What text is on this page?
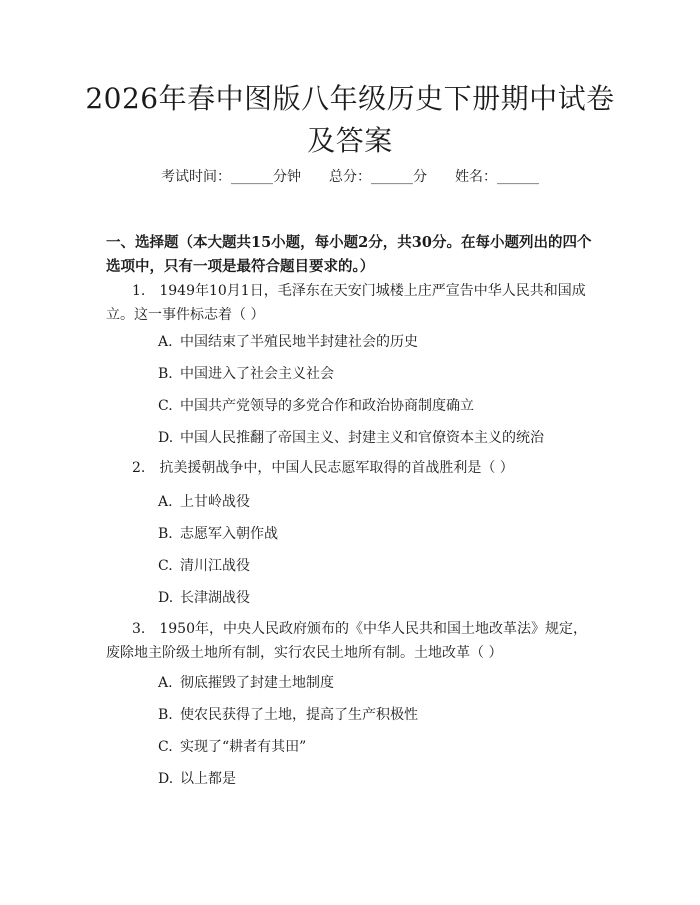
2026年春中图版八年级历史下册期中试卷及答案
考试时间：______分钟 总分：______分 姓名：______
一、选择题（本大题共15小题，每小题2分，共30分。在每小题列出的四个选项中，只有一项是最符合题目要求的。）
1.　1949年10月1日，毛泽东在天安门城楼上庄严宣告中华人民共和国成立。这一事件标志着（ ）
A. 中国结束了半殖民地半封建社会的历史
B. 中国进入了社会主义社会
C. 中国共产党领导的多党合作和政治协商制度确立
D. 中国人民推翻了帝国主义、封建主义和官僚资本主义的统治
2.　抗美援朝战争中，中国人民志愿军取得的首战胜利是（ ）
A. 上甘岭战役
B. 志愿军入朝作战
C. 清川江战役
D. 长津湖战役
3.　1950年，中央人民政府颁布的《中华人民共和国土地改革法》规定，废除地主阶级土地所有制，实行农民土地所有制。土地改革（ ）
A. 彻底摧毁了封建土地制度
B. 使农民获得了土地，提高了生产积极性
C. 实现了“耕者有其田”
D. 以上都是
